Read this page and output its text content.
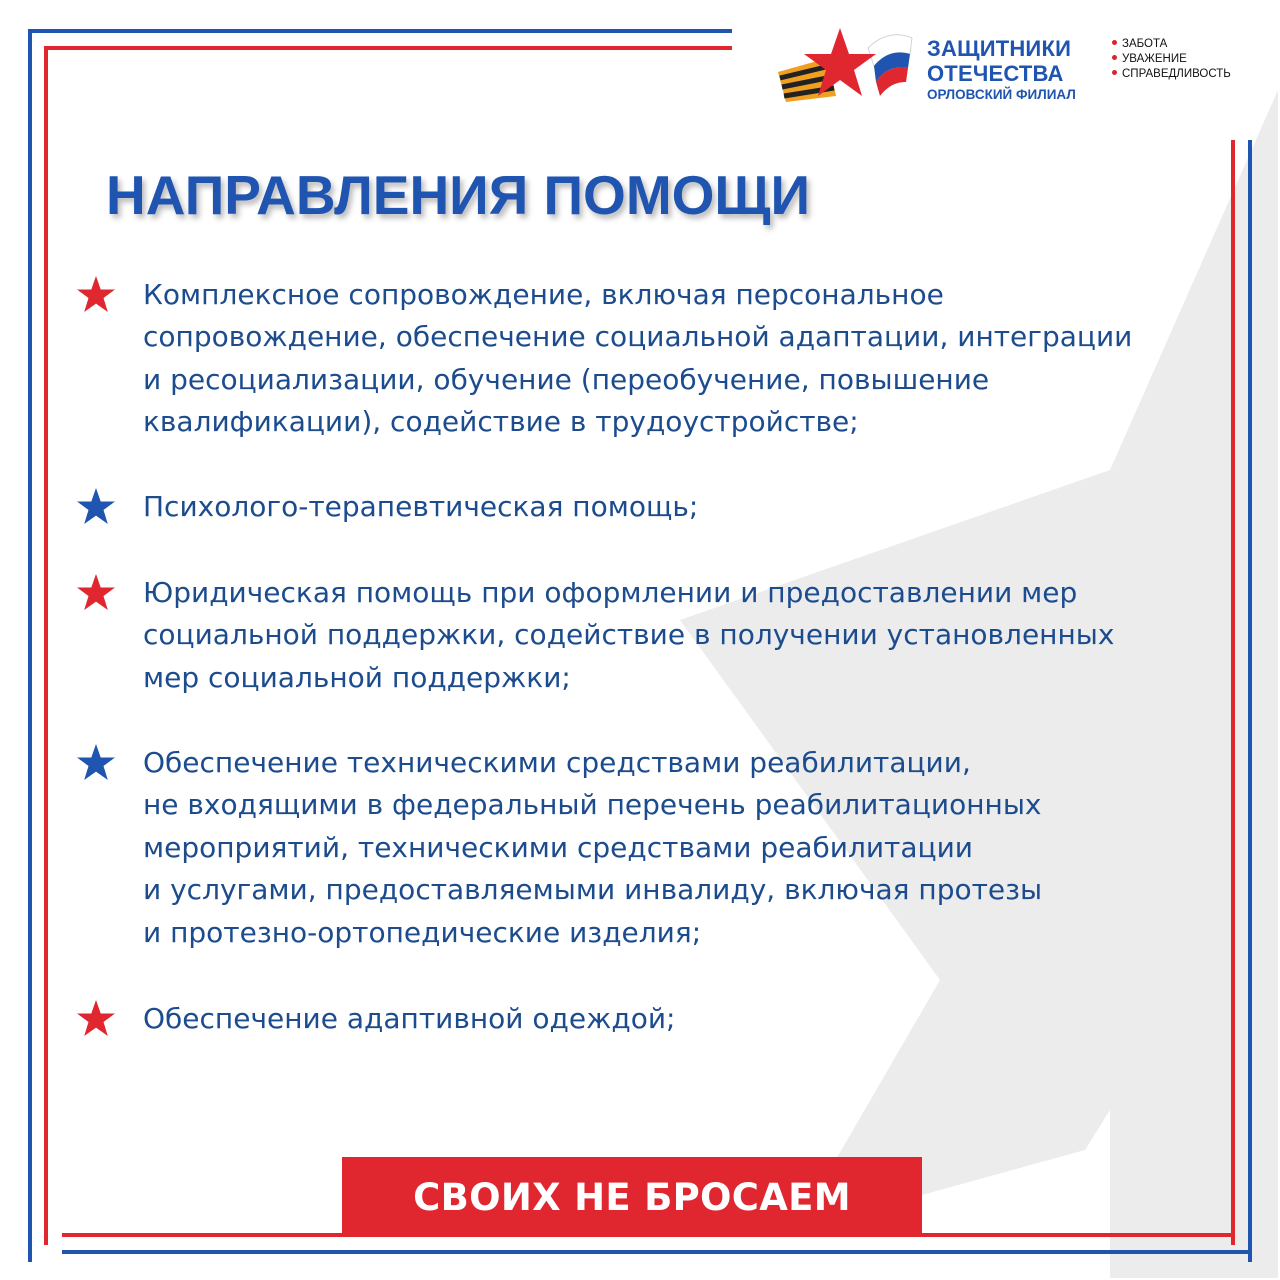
ЗАЩИТНИКИ
ОТЕЧЕСТВА
ОРЛОВСКИЙ ФИЛИАЛ
ЗАБОТА
УВАЖЕНИЕ
СПРАВЕДЛИВОСТЬ
НАПРАВЛЕНИЯ ПОМОЩИ
Комплексное сопровождение, включая персональное
сопровождение, обеспечение социальной адаптации, интеграции
и ресоциализации, обучение (переобучение, повышение
квалификации), содействие в трудоустройстве;
Психолого-терапевтическая помощь;
Юридическая помощь при оформлении и предоставлении мер
социальной поддержки, содействие в получении установленных
мер социальной поддержки;
Обеспечение техническими средствами реабилитации,
не входящими в федеральный перечень реабилитационных
мероприятий, техническими средствами реабилитации
и услугами, предоставляемыми инвалиду, включая протезы
и протезно-ортопедические изделия;
Обеспечение адаптивной одеждой;
СВОИХ НЕ БРОСАЕМ
